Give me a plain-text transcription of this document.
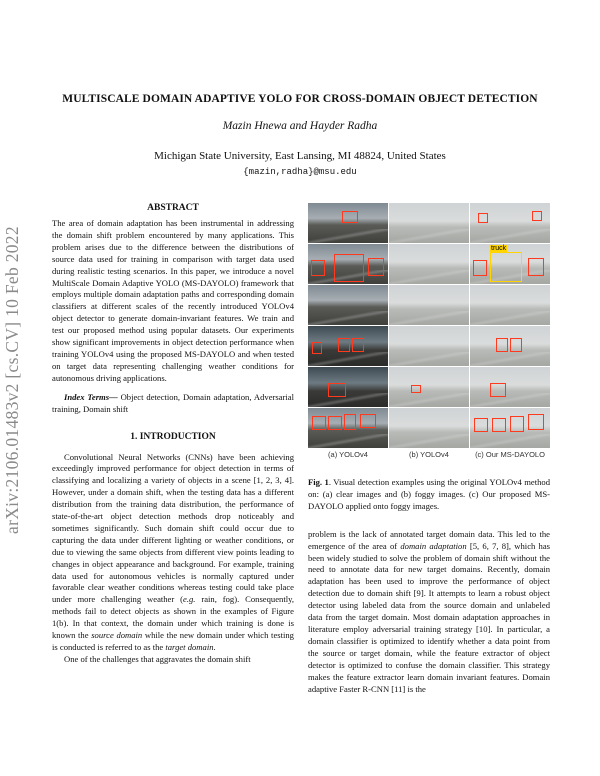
arXiv:2106.01483v2 [cs.CV] 10 Feb 2022
MULTISCALE DOMAIN ADAPTIVE YOLO FOR CROSS-DOMAIN OBJECT DETECTION
Mazin Hnewa and Hayder Radha
Michigan State University, East Lansing, MI 48824, United States
{mazin,radha}@msu.edu
ABSTRACT

The area of domain adaptation has been instrumental in addressing the domain shift problem encountered by many applications. This problem arises due to the difference between the distributions of source data used for training in comparison with target data used during realistic testing scenarios. In this paper, we introduce a novel MultiScale Domain Adaptive YOLO (MS-DAYOLO) framework that employs multiple domain adaptation paths and corresponding domain classifiers at different scales of the recently introduced YOLOv4 object detector to generate domain-invariant features. We train and test our proposed method using popular datasets. Our experiments show significant improvements in object detection performance when training YOLOv4 using the proposed MS-DAYOLO and when tested on target data representing challenging weather conditions for autonomous driving applications.

Index Terms— Object detection, Domain adaptation, Adversarial training, Domain shift

1. INTRODUCTION

Convolutional Neural Networks (CNNs) have been achieving exceedingly improved performance for object detection in terms of classifying and localizing a variety of objects in a scene [1, 2, 3, 4]. However, under a domain shift, when the testing data has a different distribution from the training data distribution, the performance of state-of-the-art object detection methods drop noticeably and sometimes significantly. Such domain shift could occur due to capturing the data under different lighting or weather conditions, or due to viewing the same objects from different view points leading to changes in object appearance and background. For example, training data used for autonomous vehicles is normally captured under favorable clear weather conditions whereas testing could take place under more challenging weather (e.g. rain, fog). Consequently, methods fail to detect objects as shown in the examples of Figure 1(b). In that context, the domain under which training is done is known the source domain while the new domain under which testing is conducted is referred to as the target domain.

One of the challenges that aggravates the domain shift

truck
(a) YOLOv4	(b) YOLOv4	(c) Our MS-DAYOLO

Fig. 1. Visual detection examples using the original YOLOv4 method on: (a) clear images and (b) foggy images. (c) Our proposed MS-DAYOLO applied onto foggy images.

problem is the lack of annotated target domain data. This led to the emergence of the area of domain adaptation [5, 6, 7, 8], which has been widely studied to solve the problem of domain shift without the need to annotate data for new target domains. Recently, domain adaptation has been used to improve the performance of object detection due to domain shift [9]. It attempts to learn a robust object detector using labeled data from the source domain and unlabeled data from the target domain. Most domain adaptation approaches in literature employ adversarial training strategy [10]. In particular, a domain classifier is optimized to identify whether a data point from the source or target domain, while the feature extractor of object detector is optimized to confuse the domain classifier. This strategy makes the feature extractor learn domain invariant features. Domain adaptive Faster R-CNN [11] is the
